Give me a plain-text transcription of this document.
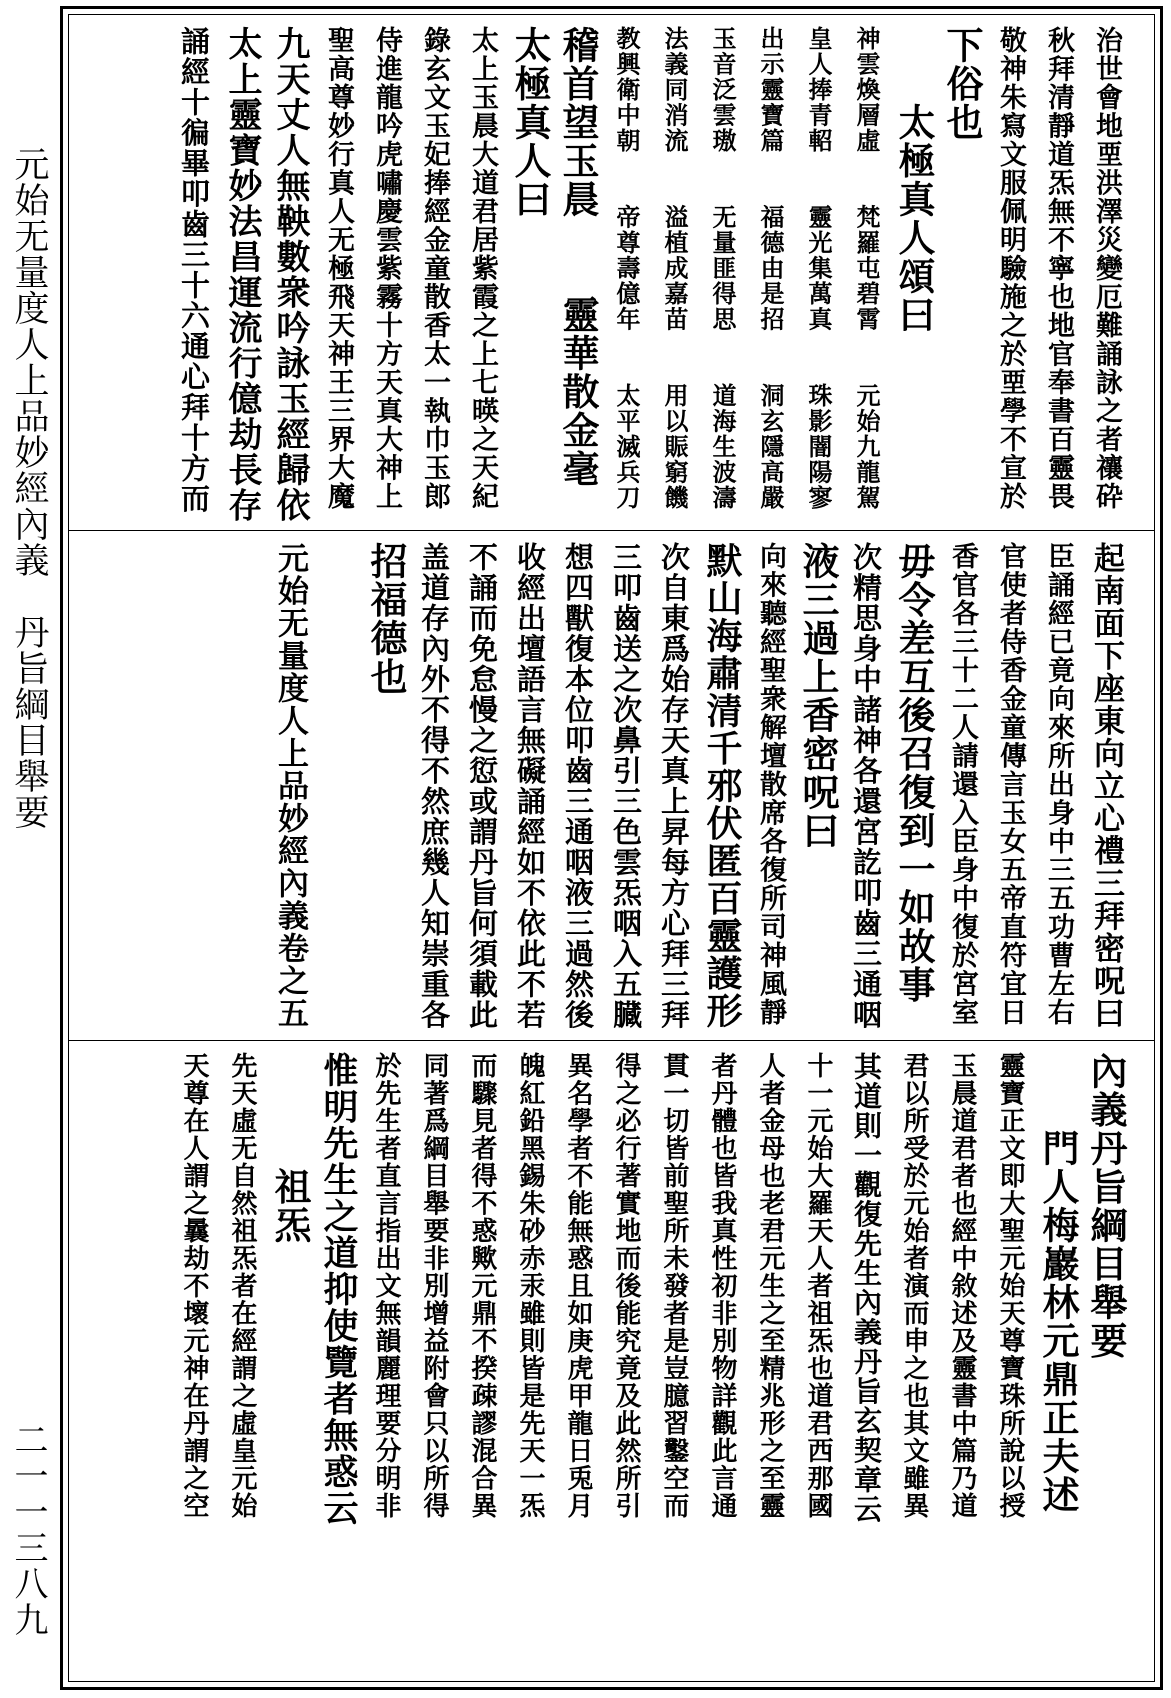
元始无量度人上品妙經內義　丹旨綱目舉要
二一一三八九
治世會地垔洪澤災變厄難誦詠之者禳砕
秋拜清靜道炁無不寧也地官奉書百靈畏
敬神朱寫文服佩明驗施之於垔學不宣於
下俗也
　　太極真人頌曰
神雲煥層虛　　梵羅屯碧霄　　元始九龍駕
皇人捧青軺　　靈光集萬真　　珠影闇陽寥
出示靈寶篇　　福德由是招　　洞玄隱高嚴
玉音泛雲璈　　无量匪得思　　道海生波濤
法義同消流　　溢植成嘉苗　　用以賑窮饑
教興衛中朝　　帝尊壽億年　　太平滅兵刀
稽首望玉晨　　靈華散金毫
太極真人曰
太上玉晨大道君居紫霞之上七暎之天紀
錄玄文玉妃捧經金童散香太一執巾玉郎
侍進龍吟虎嘯慶雲紫霧十方天真大神上
聖高尊妙行真人无極飛天神王三界大魔
九天丈人無鞅數衆吟詠玉經歸依
太上靈寶妙法昌運流行億劫長存
誦經十徧畢叩齒三十六通心拜十方而
起南面下座東向立心禮三拜密呪曰
臣誦經已竟向來所出身中三五功曹左右
官使者侍香金童傳言玉女五帝直符宜日
香官各三十二人請還入臣身中復於宮室
毋令差互後召復到一如故事
次精思身中諸神各還宮訖叩齒三通咽
液三過上香密呪曰
向來聽經聖衆解壇散席各復所司神風靜
默山海肅清千邪伏匿百靈護形
次自東爲始存天真上昇每方心拜三拜
三叩齒送之次鼻引三色雲炁咽入五臓
想四獸復本位叩齒三通咽液三過然後
收經出壇語言無礙誦經如不依此不若
不誦而免怠慢之愆或謂丹旨何須載此
盖道存內外不得不然庶幾人知崇重各
招福德也
元始无量度人上品妙經內義卷之五
內義丹旨綱目舉要
　　門人梅巖林元鼎正夫述
靈寶正文即大聖元始天尊寶珠所說以授
玉晨道君者也經中敘述及靈書中篇乃道
君以所受於元始者演而申之也其文雖異
其道則一觀復先生內義丹旨玄契章云
十一元始大羅天人者祖炁也道君西那國
人者金母也老君元生之至精兆形之至靈
者丹體也皆我真性初非別物詳觀此言通
貫一切皆前聖所未發者是豈臆習鑿空而
得之必行著實地而後能究竟及此然所引
異名學者不能無惑且如庚虎甲龍日兎月
魄紅鉛黑錫朱砂赤汞雖則皆是先天一炁
而驟見者得不惑歟元鼎不揆疎謬混合異
同著爲綱目舉要非別增益附會只以所得
於先生者直言指出文無韻麗理要分明非
惟明先生之道抑使覽者無惑云
　　　祖炁
先天虛无自然祖炁者在經謂之虛皇元始
天尊在人謂之曩劫不壞元神在丹謂之空
